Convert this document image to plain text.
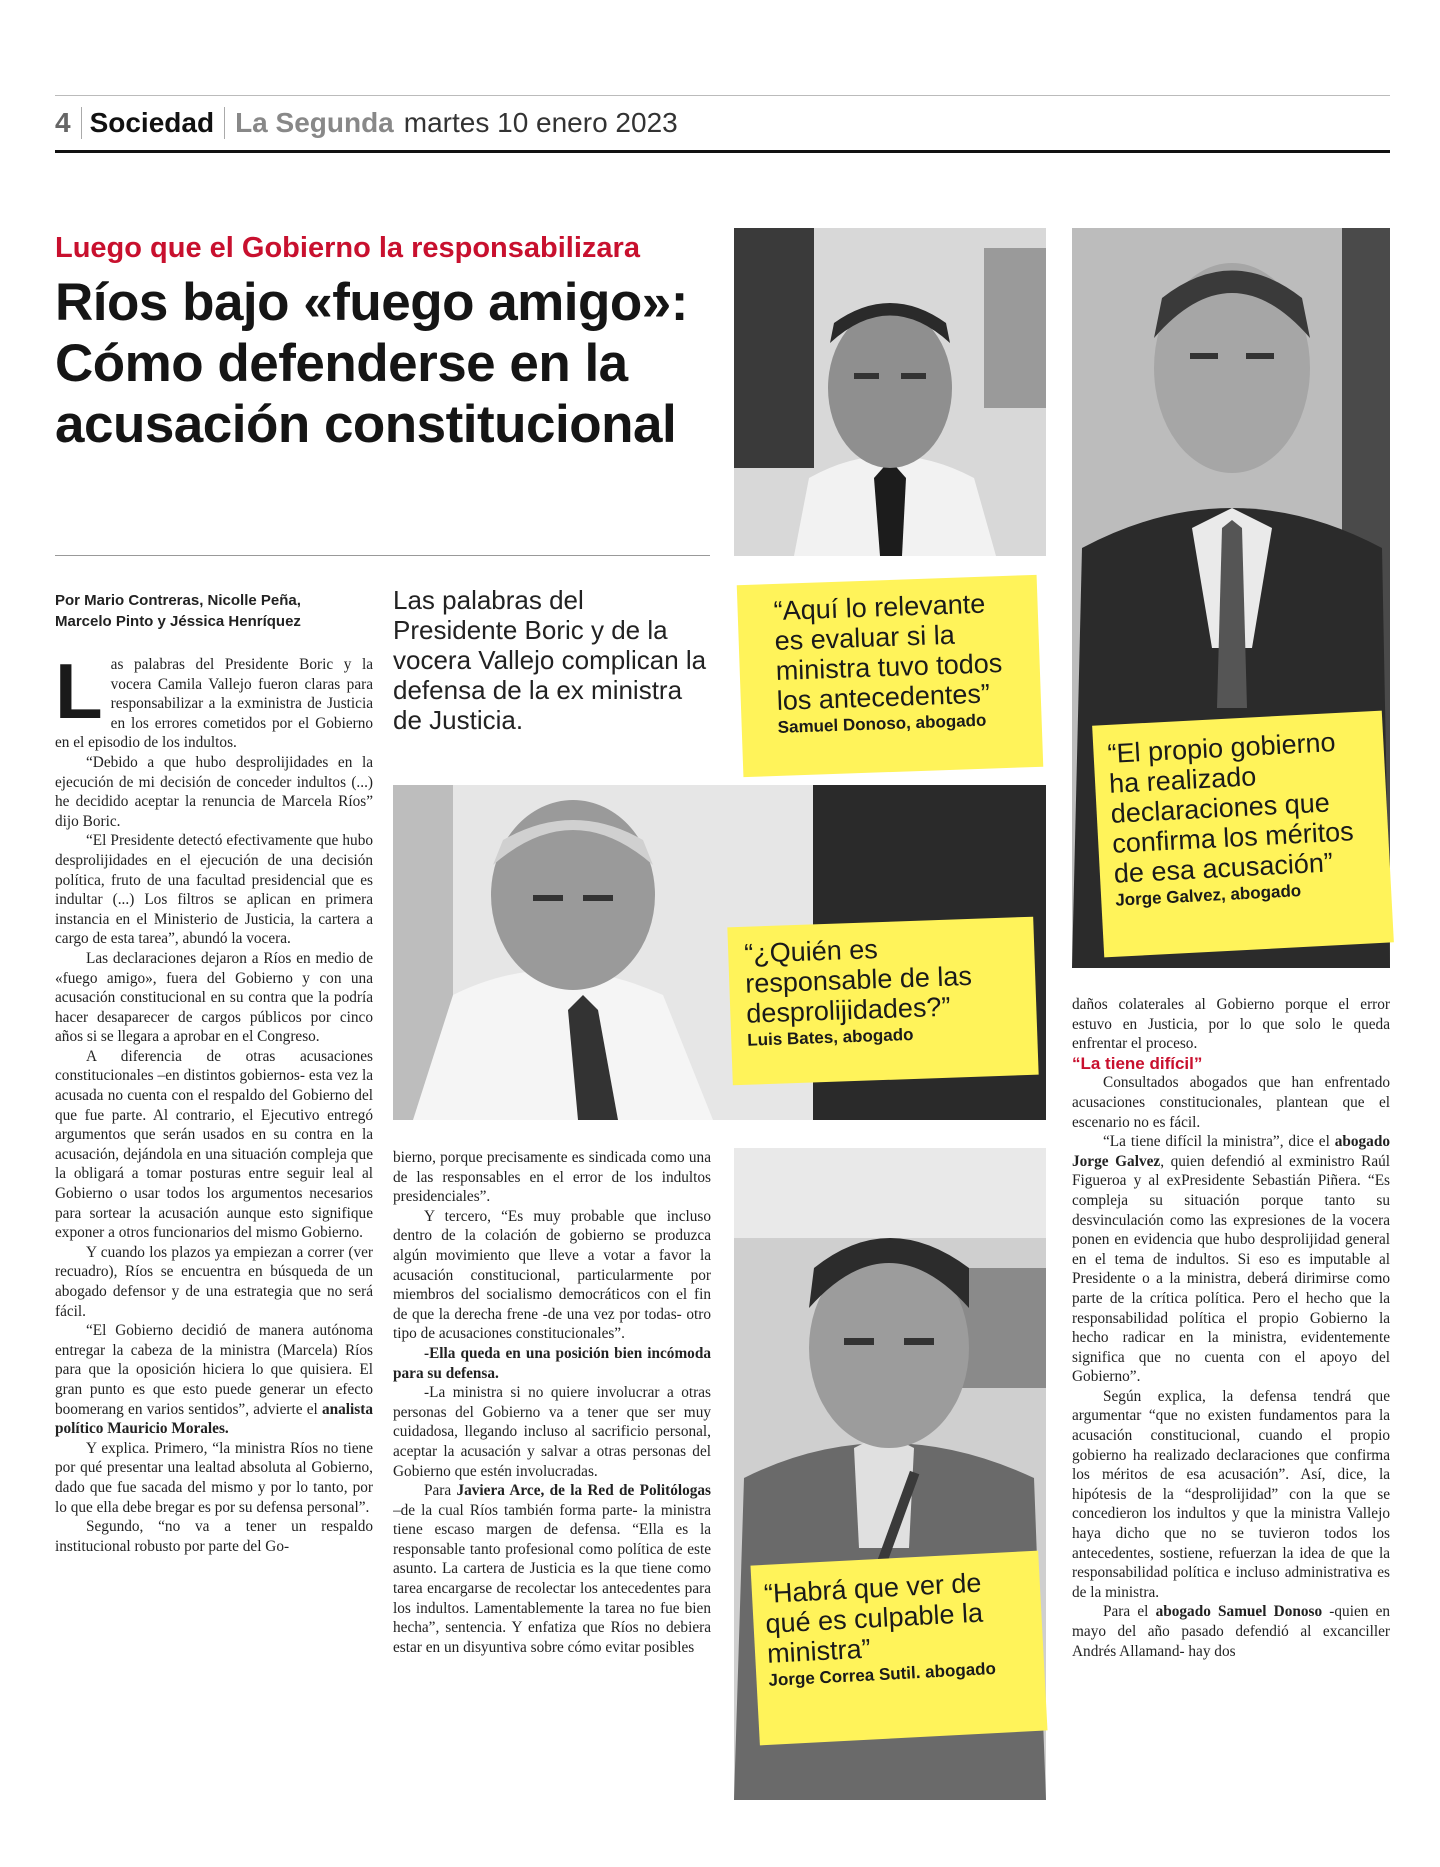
4 Sociedad La Segunda martes 10 enero 2023
Luego que el Gobierno la responsabilizara
Ríos bajo «fuego amigo»: Cómo defenderse en la acusación constitucional
Por Mario Contreras, Nicolle Peña, Marcelo Pinto y Jéssica Henríquez
Las palabras del Presidente Boric y de la vocera Vallejo complican la defensa de la ex ministra de Justicia.
“Aquí lo relevante es evaluar si la ministra tuvo todos los antecedentes”
Samuel Donoso, abogado
“El propio gobierno ha realizado declaraciones que confirma los méritos de esa acusación”
Jorge Galvez, abogado
“¿Quién es responsable de las desprolijidades?”
Luis Bates, abogado
“Habrá que ver de qué es culpable la ministra”
Jorge Correa Sutil. abogado

Las palabras del Presidente Boric y la vocera Camila Vallejo fueron claras para responsabilizar a la exministra de Justicia en los errores cometidos por el Gobierno en el episodio de los indultos.

“Debido a que hubo desprolijidades en la ejecución de mi decisión de conceder indultos (...) he decidido aceptar la renuncia de Marcela Ríos” dijo Boric.

“El Presidente detectó efectivamente que hubo desprolijidades en el ejecución de una decisión política, fruto de una facultad presidencial que es indultar (...) Los filtros se aplican en primera instancia en el Ministerio de Justicia, la cartera a cargo de esta tarea”, abundó la vocera.

Las declaraciones dejaron a Ríos en medio de «fuego amigo», fuera del Gobierno y con una acusación constitucional en su contra que la podría hacer desaparecer de cargos públicos por cinco años si se llegara a aprobar en el Congreso.

A diferencia de otras acusaciones constitucionales –en distintos gobiernos- esta vez la acusada no cuenta con el respaldo del Gobierno del que fue parte. Al contrario, el Ejecutivo entregó argumentos que serán usados en su contra en la acusación, dejándola en una situación compleja que la obligará a tomar posturas entre seguir leal al Gobierno o usar todos los argumentos necesarios para sortear la acusación aunque esto signifique exponer a otros funcionarios del mismo Gobierno.

Y cuando los plazos ya empiezan a correr (ver recuadro), Ríos se encuentra en búsqueda de un abogado defensor y de una estrategia que no será fácil.

“El Gobierno decidió de manera autónoma entregar la cabeza de la ministra (Marcela) Ríos para que la oposición hiciera lo que quisiera. El gran punto es que esto puede generar un efecto boomerang en varios sentidos”, advierte el analista político Mauricio Morales.

Y explica. Primero, “la ministra Ríos no tiene por qué presentar una lealtad absoluta al Gobierno, dado que fue sacada del mismo y por lo tanto, por lo que ella debe bregar es por su defensa personal”.

Segundo, “no va a tener un respaldo institucional robusto por parte del Go-

bierno, porque precisamente es sindicada como una de las responsables en el error de los indultos presidenciales”.

Y tercero, “Es muy probable que incluso dentro de la colación de gobierno se produzca algún movimiento que lleve a votar a favor la acusación constitucional, particularmente por miembros del socialismo democráticos con el fin de que la derecha frene -de una vez por todas- otro tipo de acusaciones constitucionales”.

-Ella queda en una posición bien incómoda para su defensa.

-La ministra si no quiere involucrar a otras personas del Gobierno va a tener que ser muy cuidadosa, llegando incluso al sacrificio personal, aceptar la acusación y salvar a otras personas del Gobierno que estén involucradas.

Para Javiera Arce, de la Red de Politólogas –de la cual Ríos también forma parte- la ministra tiene escaso margen de defensa. “Ella es la responsable tanto profesional como política de este asunto. La cartera de Justicia es la que tiene como tarea encargarse de recolectar los antecedentes para los indultos. Lamentablemente la tarea no fue bien hecha”, sentencia. Y enfatiza que Ríos no debiera estar en un disyuntiva sobre cómo evitar posibles

daños colaterales al Gobierno porque el error estuvo en Justicia, por lo que solo le queda enfrentar el proceso.

“La tiene difícil”

Consultados abogados que han enfrentado acusaciones constitucionales, plantean que el escenario no es fácil.

“La tiene difícil la ministra”, dice el abogado Jorge Galvez, quien defendió al exministro Raúl Figueroa y al exPresidente Sebastián Piñera. “Es compleja su situación porque tanto su desvinculación como las expresiones de la vocera ponen en evidencia que hubo desprolijidad general en el tema de indultos. Si eso es imputable al Presidente o a la ministra, deberá dirimirse como parte de la crítica política. Pero el hecho que la responsabilidad política el propio Gobierno la hecho radicar en la ministra, evidentemente significa que no cuenta con el apoyo del Gobierno”.

Según explica, la defensa tendrá que argumentar “que no existen fundamentos para la acusación constitucional, cuando el propio gobierno ha realizado declaraciones que confirma los méritos de esa acusación”. Así, dice, la hipótesis de la “desprolijidad” con la que se concedieron los indultos y que la ministra Vallejo haya dicho que no se tuvieron todos los antecedentes, sostiene, refuerzan la idea de que la responsabilidad política e incluso administrativa es de la ministra.

Para el abogado Samuel Donoso -quien en mayo del año pasado defendió al excanciller Andrés Allamand- hay dos
